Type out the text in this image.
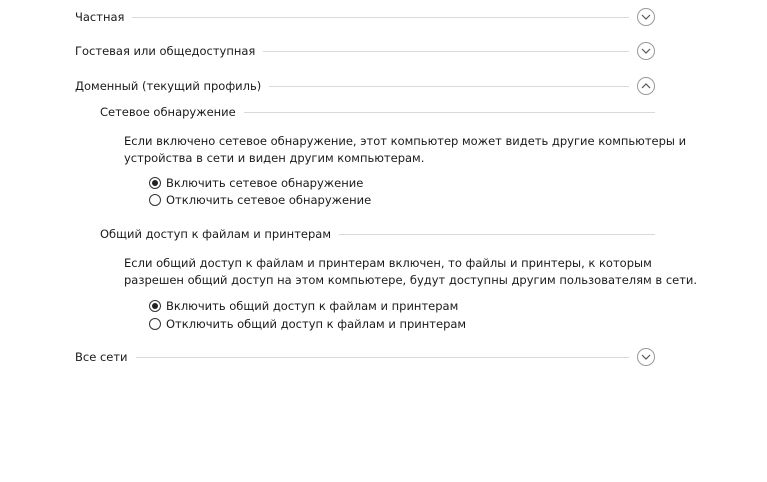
Частная
Гостевая или общедоступная
Доменный (текущий профиль)
Сетевое обнаружение
Если включено сетевое обнаружение, этот компьютер может видеть другие компьютеры и
устройства в сети и виден другим компьютерам.
Включить сетевое обнаружение
Отключить сетевое обнаружение
Общий доступ к файлам и принтерам
Если общий доступ к файлам и принтерам включен, то файлы и принтеры, к которым
разрешен общий доступ на этом компьютере, будут доступны другим пользователям в сети.
Включить общий доступ к файлам и принтерам
Отключить общий доступ к файлам и принтерам
Все сети
